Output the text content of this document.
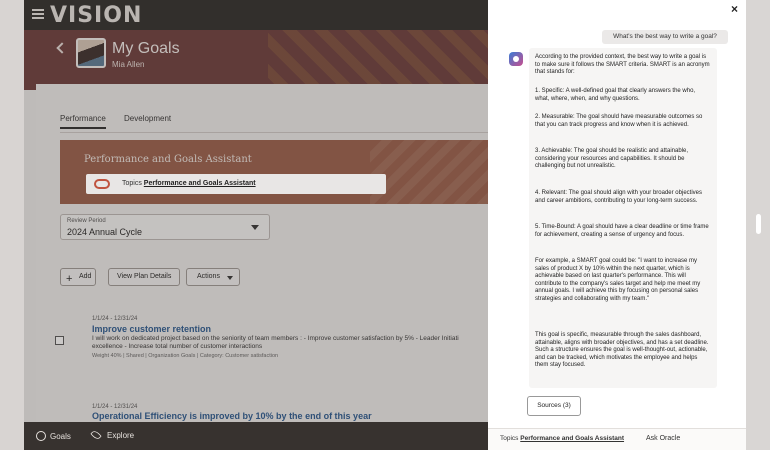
VISION
My Goals
Mia Allen
Performance Development
Performance and Goals Assistant
Topics Performance and Goals Assistant
Review Period
2024 Annual Cycle
+ Add	View Plan Details	Actions
1/1/24 - 12/31/24
Improve customer retention
I will work on dedicated project based on the seniority of team members : - Improve customer satisfaction by 5% - Leader Initiati
excellence - Increase total number of customer interactions
Weight 40% | Shared | Organization Goals | Category: Customer satisfaction
1/1/24 - 12/31/24
Operational Efficiency is improved by 10% by the end of this year
Goals	Explore
×
What's the best way to write a goal?
According to the provided context, the best way to write a goal is to make sure it follows the SMART criteria. SMART is an acronym that stands for:
1. Specific: A well-defined goal that clearly answers the who, what, where, when, and why questions.
2. Measurable: The goal should have measurable outcomes so that you can track progress and know when it is achieved.
3. Achievable: The goal should be realistic and attainable, considering your resources and capabilities. It should be challenging but not unrealistic.
4. Relevant: The goal should align with your broader objectives and career ambitions, contributing to your long-term success.
5. Time-Bound: A goal should have a clear deadline or time frame for achievement, creating a sense of urgency and focus.
For example, a SMART goal could be: "I want to increase my sales of product X by 10% within the next quarter, which is achievable based on last quarter's performance. This will contribute to the company's sales target and help me meet my annual goals. I will achieve this by focusing on personal sales strategies and collaborating with my team."
This goal is specific, measurable through the sales dashboard, attainable, aligns with broader objectives, and has a set deadline. Such a structure ensures the goal is well-thought-out, actionable, and can be tracked, which motivates the employee and helps them stay focused.
Sources (3)
Topics Performance and Goals Assistant	Ask Oracle
